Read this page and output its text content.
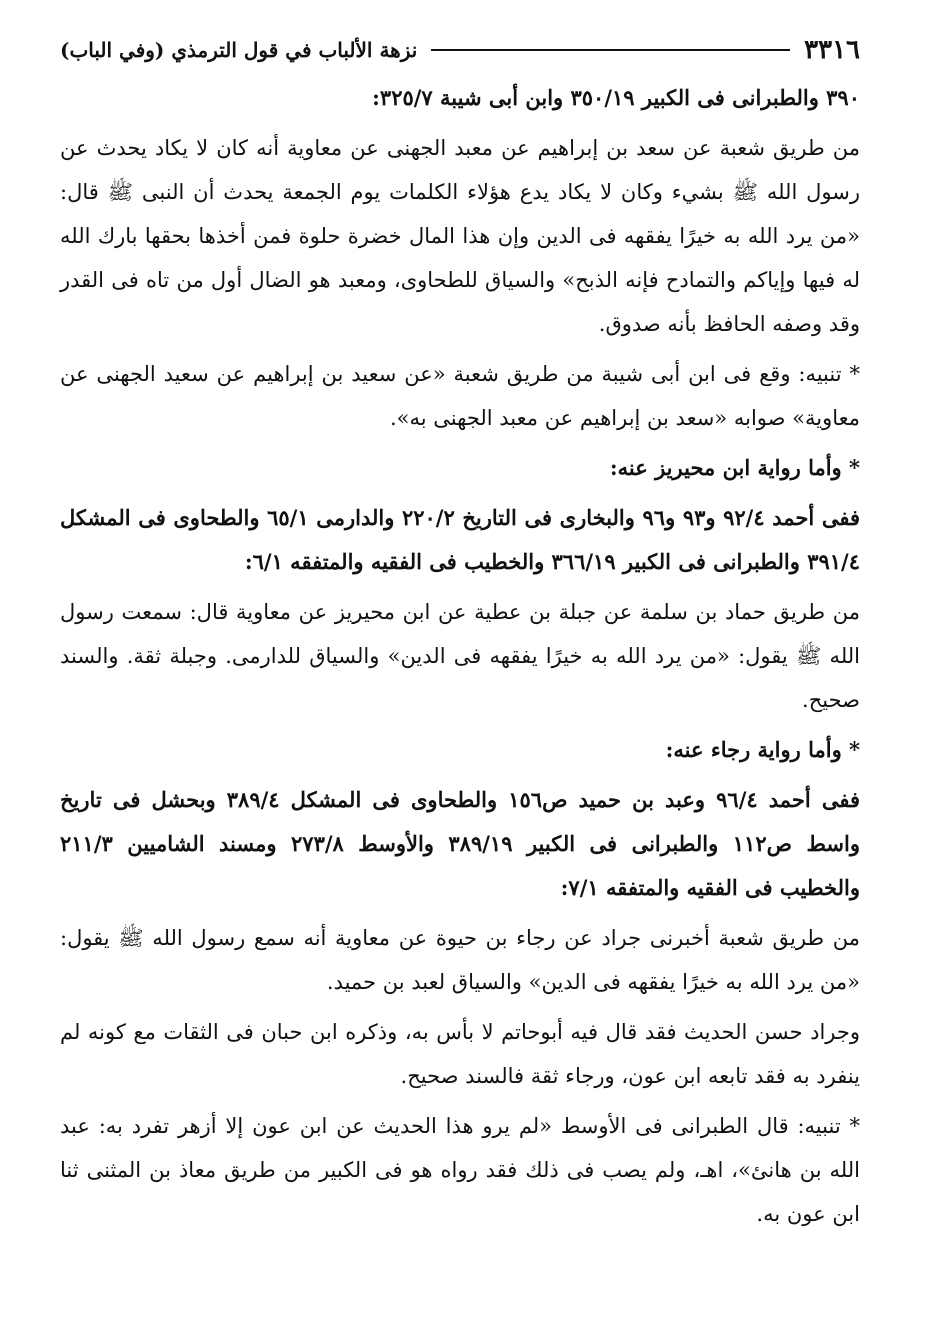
٣٣١٦
نزهة الألباب في قول الترمذي (وفي الباب)

٣٩٠ والطبرانى فى الكبير ٣٥٠/١٩ وابن أبى شيبة ٣٢٥/٧:

من طريق شعبة عن سعد بن إبراهيم عن معبد الجهنى عن معاوية أنه كان لا يكاد يحدث عن رسول الله ﷺ بشيء وكان لا يكاد يدع هؤلاء الكلمات يوم الجمعة يحدث أن النبى ﷺ قال: «من يرد الله به خيرًا يفقهه فى الدين وإن هذا المال خضرة حلوة فمن أخذها بحقها بارك الله له فيها وإياكم والتمادح فإنه الذبح» والسياق للطحاوى، ومعبد هو الضال أول من تاه فى القدر وقد وصفه الحافظ بأنه صدوق.

* تنبيه: وقع فى ابن أبى شيبة من طريق شعبة «عن سعيد بن إبراهيم عن سعيد الجهنى عن معاوية» صوابه «سعد بن إبراهيم عن معبد الجهنى به».

* وأما رواية ابن محيريز عنه:

ففى أحمد ٩٢/٤ و٩٣ و٩٦ والبخارى فى التاريخ ٢٢٠/٢ والدارمى ٦٥/١ والطحاوى فى المشكل ٣٩١/٤ والطبرانى فى الكبير ٣٦٦/١٩ والخطيب فى الفقيه والمتفقه ٦/١:

من طريق حماد بن سلمة عن جبلة بن عطية عن ابن محيريز عن معاوية قال: سمعت رسول الله ﷺ يقول: «من يرد الله به خيرًا يفقهه فى الدين» والسياق للدارمى. وجبلة ثقة. والسند صحيح.

* وأما رواية رجاء عنه:

ففى أحمد ٩٦/٤ وعبد بن حميد ص١٥٦ والطحاوى فى المشكل ٣٨٩/٤ وبحشل فى تاريخ واسط ص١١٢ والطبرانى فى الكبير ٣٨٩/١٩ والأوسط ٢٧٣/٨ ومسند الشاميين ٢١١/٣ والخطيب فى الفقيه والمتفقه ٧/١:

من طريق شعبة أخبرنى جراد عن رجاء بن حيوة عن معاوية أنه سمع رسول الله ﷺ يقول: «من يرد الله به خيرًا يفقهه فى الدين» والسياق لعبد بن حميد.

وجراد حسن الحديث فقد قال فيه أبوحاتم لا بأس به، وذكره ابن حبان فى الثقات مع كونه لم ينفرد به فقد تابعه ابن عون، ورجاء ثقة فالسند صحيح.

* تنبيه: قال الطبرانى فى الأوسط «لم يرو هذا الحديث عن ابن عون إلا أزهر تفرد به: عبد الله بن هانئ»، اهـ، ولم يصب فى ذلك فقد رواه هو فى الكبير من طريق معاذ بن المثنى ثنا ابن عون به.
